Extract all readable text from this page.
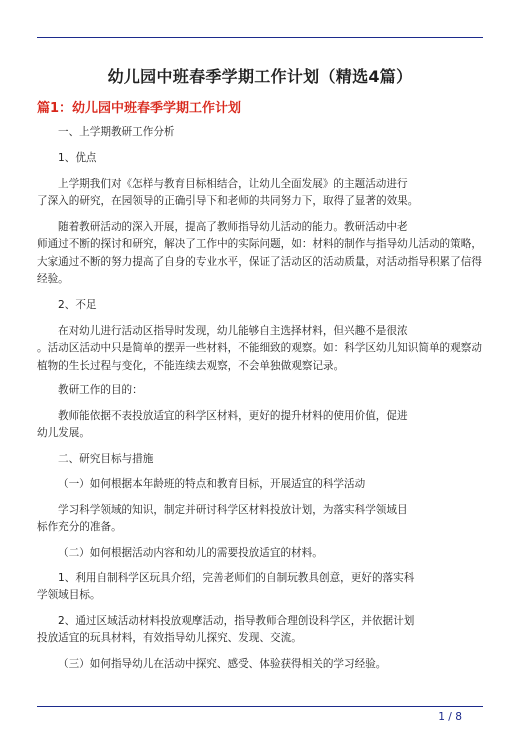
幼儿园中班春季学期工作计划（精选4篇）
篇1：幼儿园中班春季学期工作计划
一、上学期教研工作分析
1、优点
上学期我们对《怎样与教育目标相结合，让幼儿全面发展》的主题活动进行
了深入的研究，在园领导的正确引导下和老师的共同努力下，取得了显著的效果。
随着教研活动的深入开展，提高了教师指导幼儿活动的能力。教研活动中老
师通过不断的探讨和研究，解决了工作中的实际问题，如：材料的制作与指导幼儿活动的策略，
大家通过不断的努力提高了自身的专业水平，保证了活动区的活动质量，对活动指导积累了信得
经验。
2、不足
在对幼儿进行活动区指导时发现，幼儿能够自主选择材料，但兴趣不是很浓
。活动区活动中只是简单的摆弄一些材料，不能细致的观察。如：科学区幼儿知识简单的观察动
植物的生长过程与变化，不能连续去观察，不会单独做观察记录。
教研工作的目的：
教师能依据不表投放适宜的科学区材料，更好的提升材料的使用价值，促进
幼儿发展。
二、研究目标与措施
（一）如何根据本年龄班的特点和教育目标，开展适宜的科学活动
学习科学领域的知识，制定并研讨科学区材料投放计划，为落实科学领域目
标作充分的准备。
（二）如何根据活动内容和幼儿的需要投放适宜的材料。
1、利用自制科学区玩具介绍，完善老师们的自制玩教具创意，更好的落实科
学领域目标。
2、通过区域活动材料投放观摩活动，指导教师合理创设科学区，并依据计划
投放适宜的玩具材料，有效指导幼儿探究、发现、交流。
（三）如何指导幼儿在活动中探究、感受、体验获得相关的学习经验。
1 / 8
